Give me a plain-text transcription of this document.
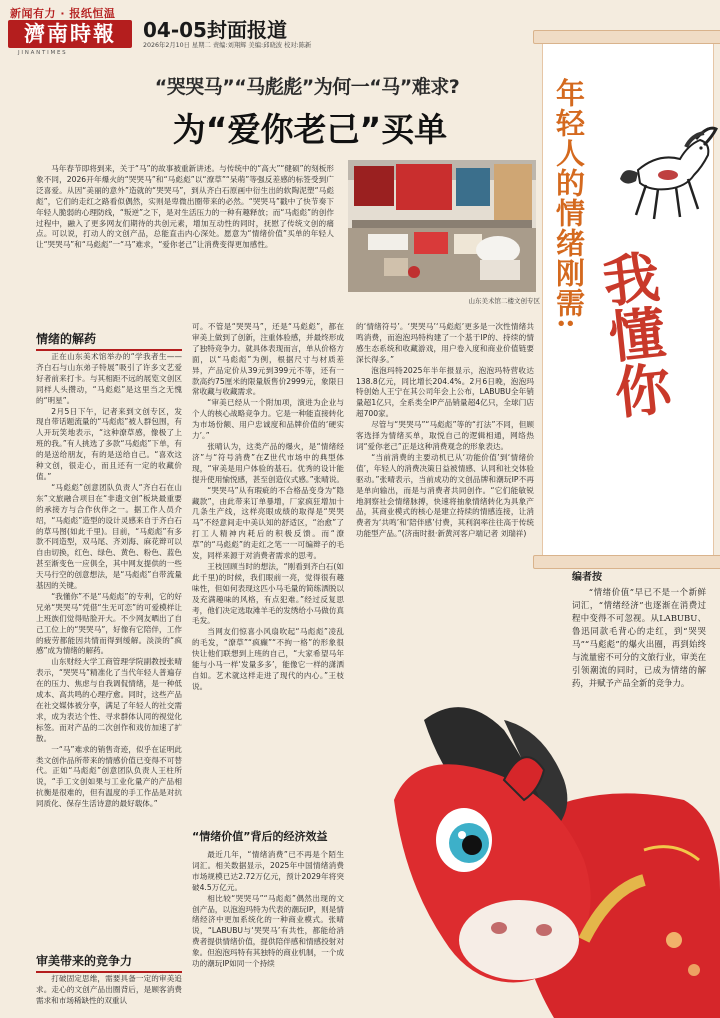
新闻有力 · 报纸恒温
濟南時報
J I N A N T I M E S
04-05封面报道
2026年2月10日 星期二 责编:刘翔辉 美编:邱晓波 校对:陈新
年轻人的情绪刚需:
我懂你
“哭哭马”“马彪彪”为何一“马”难求?
为“爱你老己”买单

马年春节即将到来，关于“马”的故事被重新讲述。与传统中的“高大”“健硕”的刻板形象不同，2026开年爆火的“哭哭马”和“马彪彪”以“潦草”“呆萌”等强反差感的标签受到广泛喜爱。从因“美丽的意外”造就的“哭哭马”，到从齐白石原画中衍生出的软陶泥塑“马彪彪”，它们的走红之路看似偶然，实则是卑微出圈带来的必然。“哭哭马”戳中了快节奏下年轻人脆弱的心理防线，“叛逆”之下，是对生活压力的一种有趣释放；而“马彪彪”的创作过程中，融入了更多网友们期待的共创元素，增加互动性的同时，抚慰了传统文创的痛点。可以说，打动人的文创产品，总能直击内心深处。愿意为“情绪价值”买单的年轻人让“哭哭马”和“马彪彪”一“马”难求，“爱你老己”让消费变得更加感性。

山东美术馆二楼文创专区
情绪的解药

正在山东美术馆举办的“学我者生——齐白石与山东弟子特展”吸引了许多文艺爱好者前来打卡。与其相距不远的展览文创区同样人头攒动，“马彪彪”是这里当之无愧的“明星”。

2月5日下午，记者来到文创专区，发现自带话题流量的“马彪彪”被人群包围，有人开玩笑地表示，“这种潦草感，像极了上班的我。”有人挑选了多款“马彪彪”下单，有的是送给朋友，有的是送给自己。“喜欢这种文创，很走心，而且还有一定的收藏价值。”

“马彪彪”创意团队负责人“齐白石在山东”文旅融合项目在“非遗文创”板块最重要的承接方与合作伙伴之一。据工作人员介绍，“马彪彪”造型的设计灵感来自于齐白石的草马图(如此千里)。目前，“马彪彪”有多款不同造型，双马尾、齐刘海、麻花辫可以自由切换，红色、绿色、黄色、粉色、蓝色甚至渐变色一应俱全，其中网友提供的一些天马行空的创意想法，是“马彪彪”自带流量基因的关键。

“我懂你”不是“马彪彪”的专利，它的好兄弟“哭哭马”凭借“生无可恋”的可爱模样让上班族们觉得贴脸开大。不少网友晒出了自己工位上的“哭哭马”，好像有它陪伴，工作的疲劳都能因共情而得到缓解。淡淡的“疯感”成为情绪的解药。

山东财经大学工商管理学院副教授张晴表示，“哭哭马”精准化了当代年轻人普遍存在的压力、焦虑与自我调侃情绪，是一种低成本、高共鸣的心理疗愈。同时，这些产品在社交媒体被分享，满足了年轻人的社交需求，成为表达个性、寻求群体认同的视觉化标签。而对产品的二次创作和戏仿加速了扩散。

一“马”难求的销售奇迹，似乎在证明此类文创作品所带来的情感价值已变得不可替代。正如“马彪彪”创意团队负责人王柱所说，“手工文创如果与工业化量产的产品相抗衡是很难的，但有温度的手工作品是对抗同质化、保存生活诗意的最好载体。”

审美带来的竞争力

打破固定思维，需要具备一定的审美追求。走心的文创产品出圈背后，是顾客消费需求和市场稀缺性的双重认

可。不管是“哭哭马”，还是“马彪彪”，都在审美上做到了创新，注重体验感，并最终形成了独特竞争力。就具体表现而言，单从价格方面，以“马彪彪”为例，根据尺寸与材质差异，产品定价从39元到399元不等，还有一款高约75厘米的限量版售价2999元，象限日常收藏与收藏需求。

“审美已经从一个附加项，演进为企业与个人的核心战略竞争力。它是一种能直接转化为市场份额、用户忠诚度和品牌价值的‘硬实力’。”

张晴认为，这类产品的爆火，是“情绪经济”与“符号消费”在Z世代市场中的典型体现，“审美是用户体验的基石。优秀的设计能提升使用愉悦感，甚至创造仪式感。”张晴说。

“哭哭马”从有瑕疵的不合格品变身为“隐藏款”，由此带来订单暴增，厂家疯狂增加十几条生产线，这样亮眼成绩的取得是“哭哭马”不经意间走中美认知的舒适区，“治愈”了打工人精神内耗后的积极反馈。而“潦草”的“马彪彪”的走红之笔一一可编辫子的毛发，同样来源于对消费者需求的思考。

王枝回顾当时的想法，“刚看到齐白石(如此千里)的时候，我们眼前一亮，觉得很有趣味性，但如何表现这匹小马毛量的简练洒脱以及充满趣味的风格，有点犯难。”经过反复思考，他们决定选取滩羊毛的发绣给小马做仿真毛发。

当网友们惊喜小风扇吹起“马彪彪”凌乱的毛发，“潦草”“疯癫”“不拘一格”的形象很快让他们联想到上班的自己，“大家希望马年能与小马一样‘发量多多’，能像它一样的潇洒自如。艺术就这样走进了现代的内心。”王枝说。

“情绪价值”背后的经济效益

最近几年，“情绪消费”已不再是个陌生词汇。相关数据显示，2025年中国情绪消费市场规模已达2.72万亿元，预计2029年将突破4.5万亿元。

相比较“哭哭马”“马彪彪”偶然出现的文创产品，以泡泡玛特为代表的潮玩IP，则是情绪经济中更加系统化的一种商业模式。张晴说，“LABUBU与‘哭哭马’有共性，都能给消费者提供情绪价值，提供陪伴感和情感投射对象。但泡泡玛特有其独特的商业机制，一个成功的潮玩IP如同一个持续

的‘情绪符号’。‘哭哭马’‘马彪彪’更多是一次性情绪共鸣消费，而泡泡玛特构建了一个基于IP的、持续的情感生态系统和收藏游戏，用户卷入度和商业价值链要深长得多。”

泡泡玛特2025年半年报显示，泡泡玛特营收达138.8亿元，同比增长204.4%。2月6日晚，泡泡玛特创始人王宁在其公司年会上公布，LABUBU全年销量超1亿只，全系类全IP产品销量超4亿只，全球门店超700家。

尽管与“哭哭马”“马彪彪”等的“打法”不同，但顾客选择为情绪买单，取悦自己的逻辑相通，网络热词“爱你老己”正是这种消费观念的形象表达。

“当前消费的主要动机已从‘功能价值’到‘情绪价值’，年轻人的消费决策日益被情感、认同和社交体验驱动。”张晴表示，当前成功的文创品牌和潮玩IP不再是单向输出，而是与消费者共同创作。“它们能敏锐地洞察社会情绪脉搏，快速将抽象情绪转化为具象产品，其商业模式的核心是建立持续的情感连接，让消费者为‘共鸣’和‘陪伴感’付费，其利润率往往高于传统功能型产品。”(济南时报·新黄河客户端记者 刘瑞祥)

编者按
“情绪价值”早已不是一个新鲜词汇，“情绪经济”也逐渐在消费过程中变得不可忽视。从LABUBU、鲁迅同款毛背心的走红，到“哭哭马”“马彪彪”的爆火出圈，再到始终与流量密不可分的文旅行业，审美在引领潮流的同时，已成为情绪的解药，并赋予产品全新的竞争力。
